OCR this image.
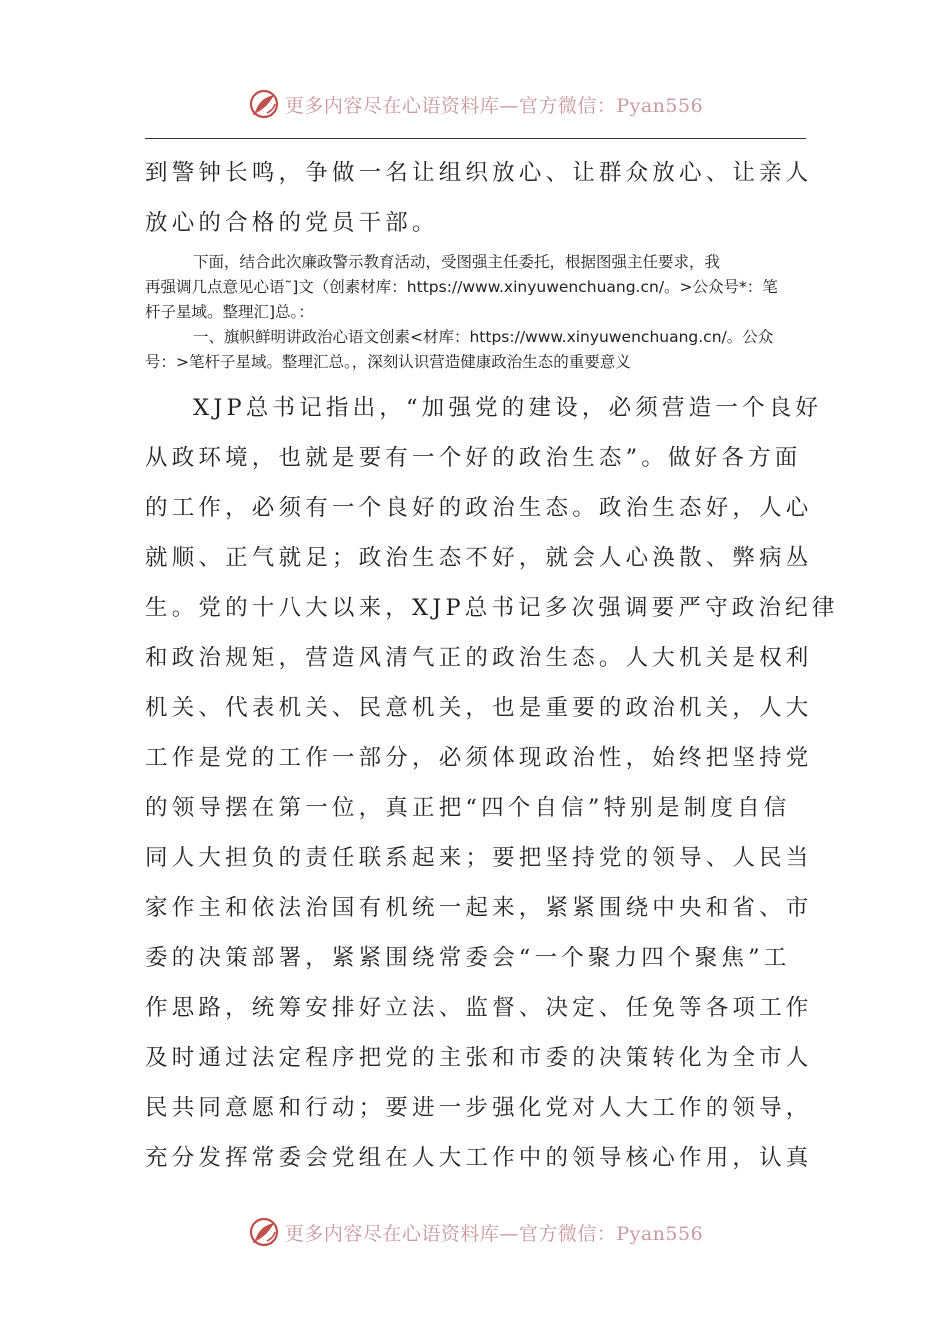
更多内容尽在心语资料库—官方微信：Pyan556

到警钟长鸣，争做一名让组织放心、让群众放心、让亲人
放心的合格的党员干部。

下面，结合此次廉政警示教育活动，受图强主任委托，根据图强主任要求，我
再强调几点意见心语˜]文（创素材库：https://www.xinyuwenchuang.cn/。>公众号*：笔
杆子星域。整理汇]总。：

一、旗帜鲜明讲政治心语文创素<材库：https://www.xinyuwenchuang.cn/。公众
号：>笔杆子星域。整理汇总。，深刻认识营造健康政治生态的重要意义

XJP总书记指出，“加强党的建设，必须营造一个良好
从政环境，也就是要有一个好的政治生态”。做好各方面
的工作，必须有一个良好的政治生态。政治生态好，人心
就顺、正气就足；政治生态不好，就会人心涣散、弊病丛
生。党的十八大以来，XJP总书记多次强调要严守政治纪律
和政治规矩，营造风清气正的政治生态。人大机关是权利
机关、代表机关、民意机关，也是重要的政治机关，人大
工作是党的工作一部分，必须体现政治性，始终把坚持党
的领导摆在第一位，真正把“四个自信”特别是制度自信
同人大担负的责任联系起来；要把坚持党的领导、人民当
家作主和依法治国有机统一起来，紧紧围绕中央和省、市
委的决策部署，紧紧围绕常委会“一个聚力四个聚焦”工
作思路，统筹安排好立法、监督、决定、任免等各项工作
及时通过法定程序把党的主张和市委的决策转化为全市人
民共同意愿和行动；要进一步强化党对人大工作的领导，
充分发挥常委会党组在人大工作中的领导核心作用，认真

更多内容尽在心语资料库—官方微信：Pyan556
